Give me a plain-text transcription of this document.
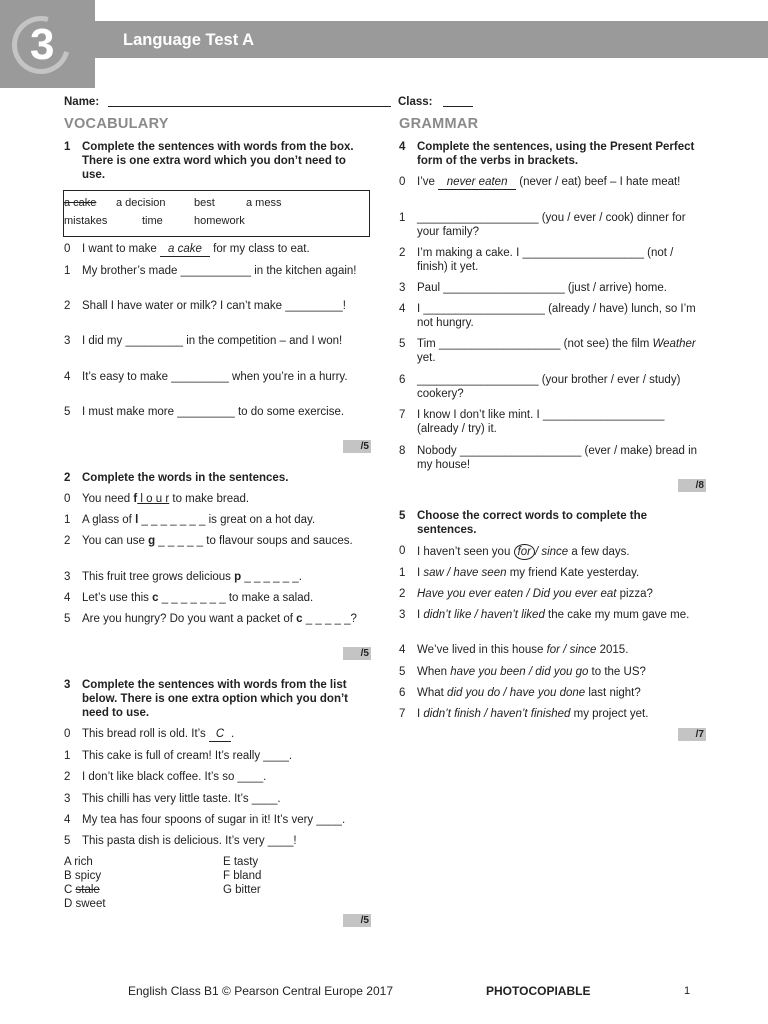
3	Language Test A
Name:	Class:
VOCABULARY	GRAMMAR
1	Complete the sentences with words from the box. There is one extra word which you don’t need to use.
a cake a decision	best	a mess
mistakes	time	homework
0	I want to make a cake for my class to eat.
1	My brother’s made ___________ in the kitchen again!
2	Shall I have water or milk? I can’t make _________!
3	I did my _________ in the competition – and I won!
4	It’s easy to make _________ when you’re in a hurry.
5	I must make more _________ to do some exercise.
/5
2	Complete the words in the sentences.
0	You need f l o u r to make bread.
1	A glass of l _ _ _ _ _ _ _ is great on a hot day.
2	You can use g _ _ _ _ _ to flavour soups and sauces.
3	This fruit tree grows delicious p _ _ _ _ _ _.
4	Let’s use this c _ _ _ _ _ _ _ to make a salad.
5	Are you hungry? Do you want a packet of c _ _ _ _ _?
/5
3	Complete the sentences with words from the list below. There is one extra option which you don’t need to use.
0	This bread roll is old. It’s C .
1	This cake is full of cream! It’s really ____.
2	I don’t like black coffee. It’s so ____.
3	This chilli has very little taste. It’s ____.
4	My tea has four spoons of sugar in it! It’s very ____.
5	This pasta dish is delicious. It’s very ____!
A rich
B spicy
C stale
D sweet
E tasty
F bland
G bitter
/5
4	Complete the sentences, using the Present Perfect form of the verbs in brackets.
0	I’ve never eaten (never / eat) beef – I hate meat!
1	___________________ (you / ever / cook) dinner for your family?
2	I’m making a cake. I ___________________ (not / finish) it yet.
3	Paul ___________________ (just / arrive) home.
4	I ___________________ (already / have) lunch, so I’m not hungry.
5	Tim ___________________ (not see) the film Weather yet.
6	___________________ (your brother / ever / study) cookery?
7	I know I don’t like mint. I ___________________ (already / try) it.
8	Nobody ___________________ (ever / make) bread in my house!
/8
5	Choose the correct words to complete the sentences.
0	I haven’t seen you for / since a few days.
1	I saw / have seen my friend Kate yesterday.
2	Have you ever eaten / Did you ever eat pizza?
3	I didn’t like / haven’t liked the cake my mum gave me.
4	We’ve lived in this house for / since 2015.
5	When have you been / did you go to the US?
6	What did you do / have you done last night?
7	I didn’t finish / haven’t finished my project yet.
/7
English Class B1 © Pearson Central Europe 2017	PHOTOCOPIABLE	1
